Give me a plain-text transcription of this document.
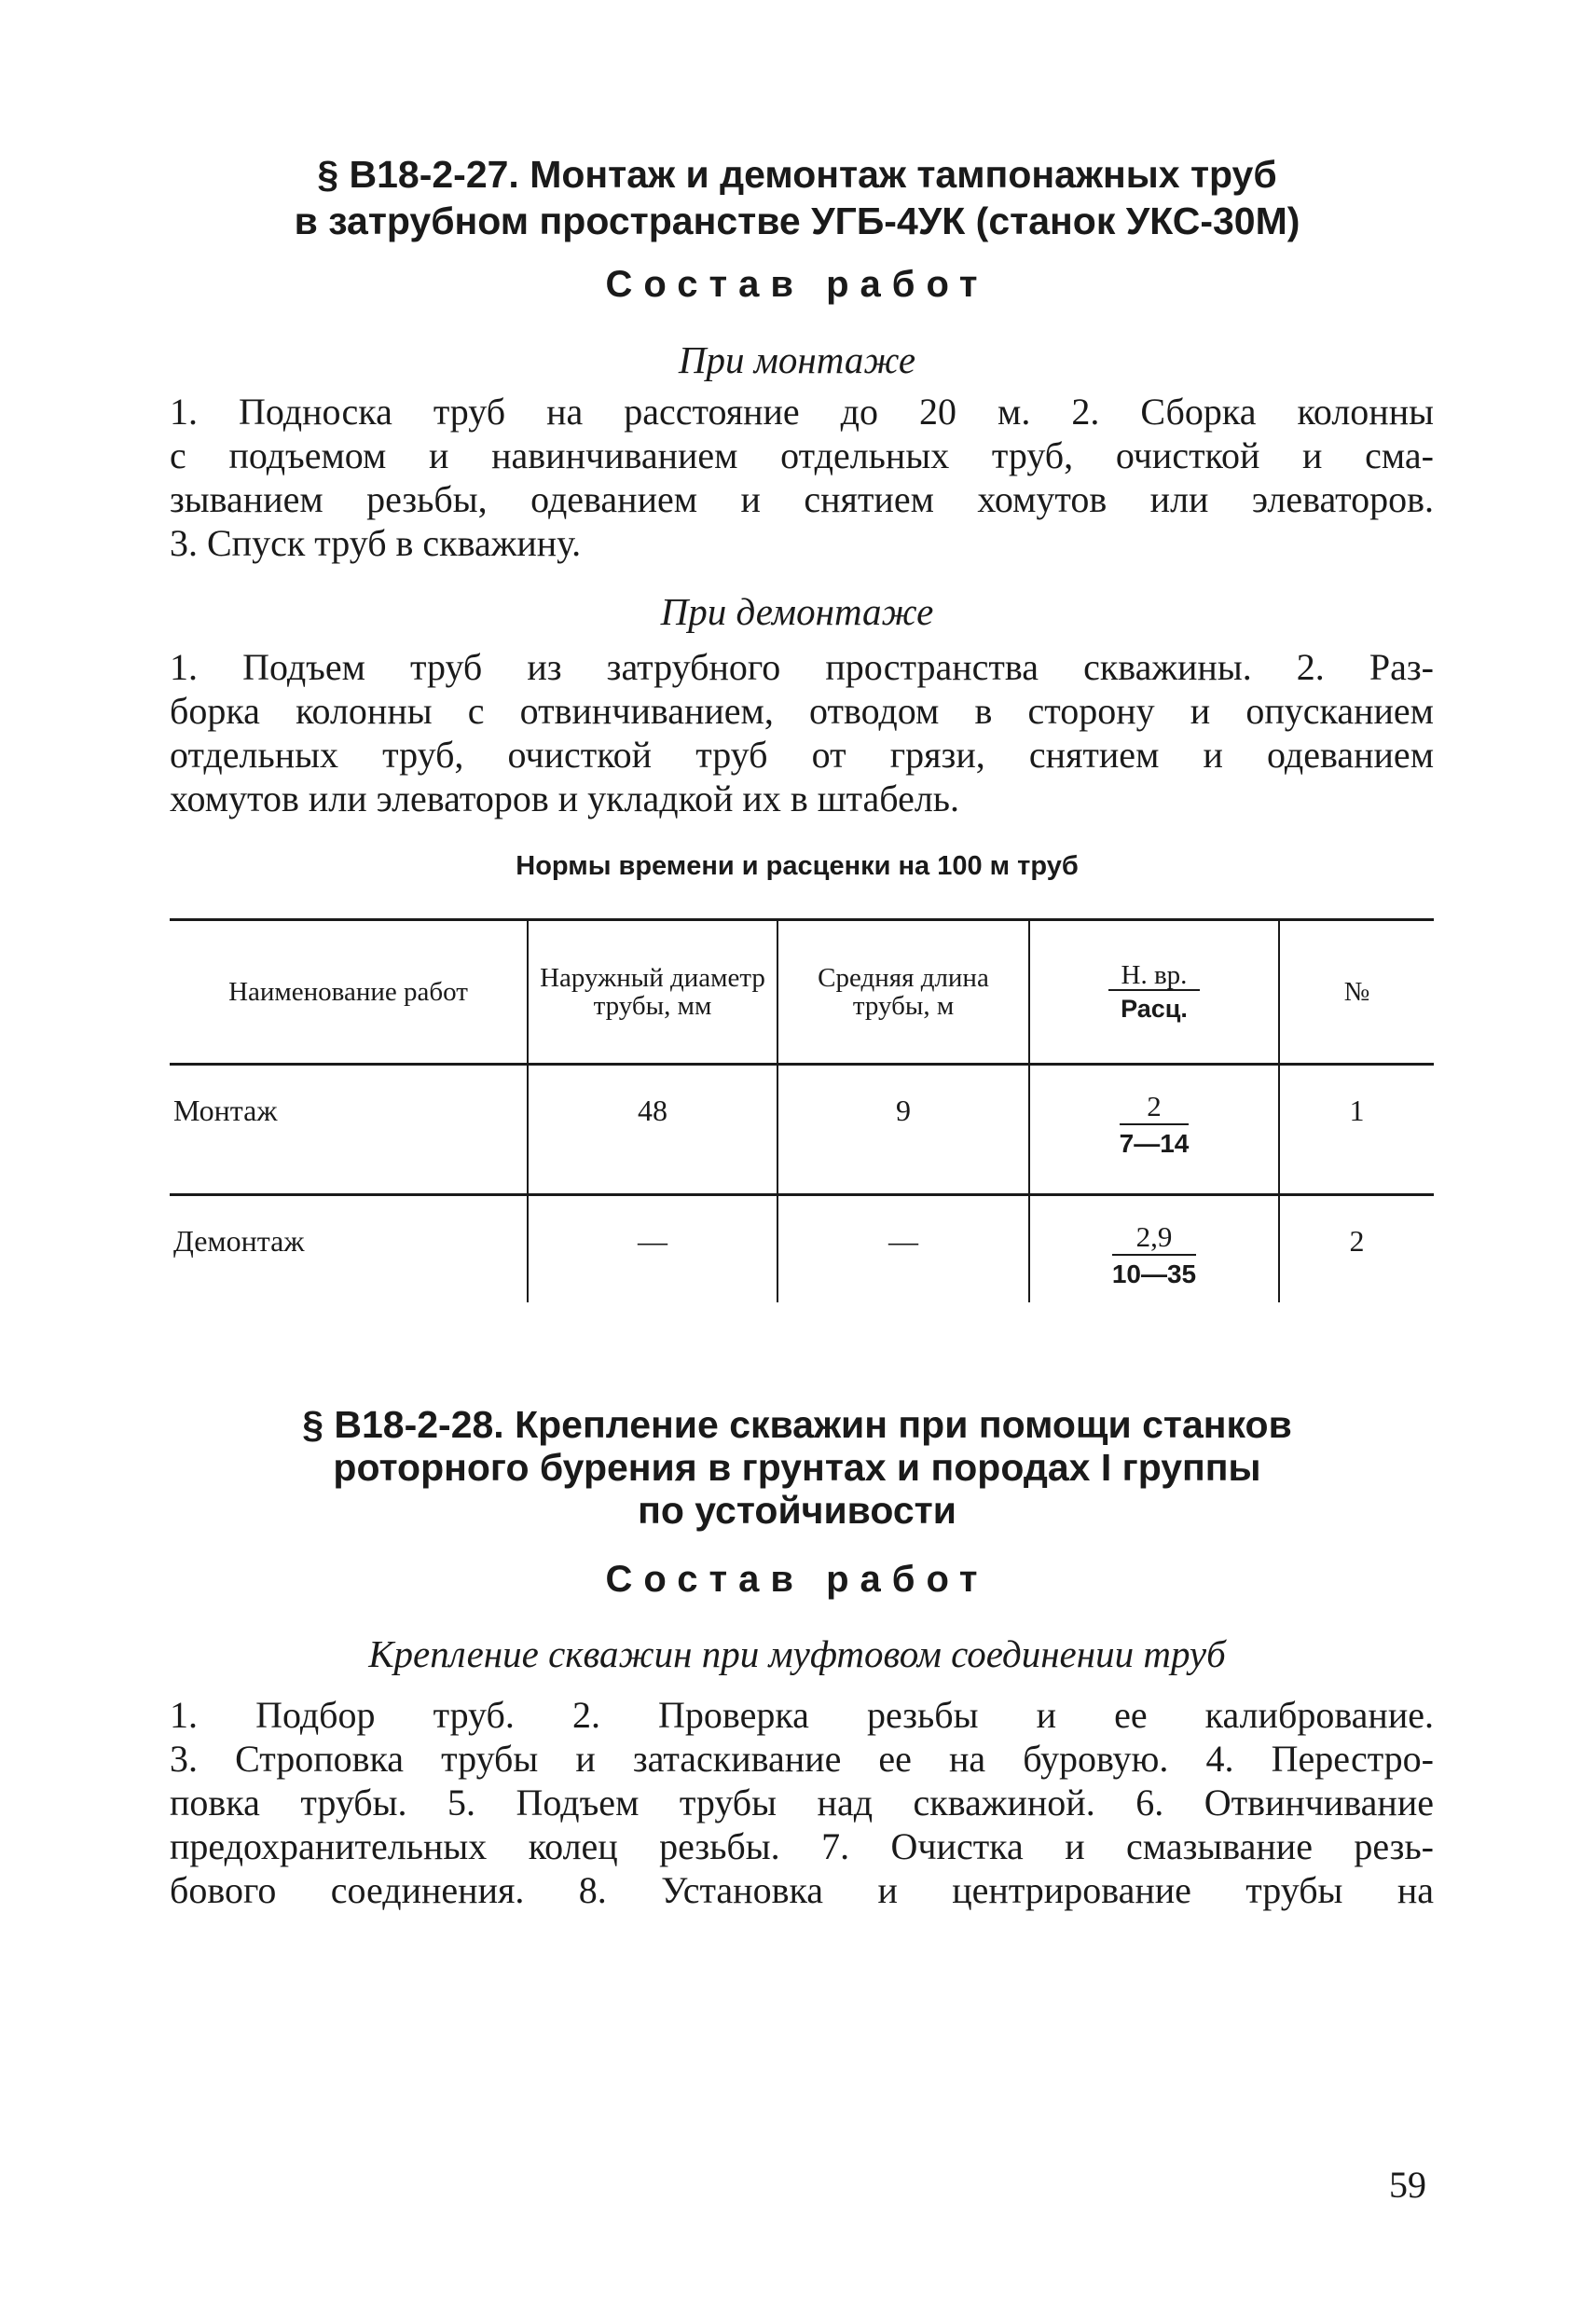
§ В18-2-27. Монтаж и демонтаж тампонажных труб
в затрубном пространстве УГБ-4УК (станок УКС-30М)
Состав работ
При монтаже
1. Подноска труб на расстояние до 20 м. 2. Сборка колонны
с подъемом и навинчиванием отдельных труб, очисткой и сма-
зыванием резьбы, одеванием и снятием хомутов или элеваторов.
3. Спуск труб в скважину.
При демонтаже
1. Подъем труб из затрубного пространства скважины. 2. Раз-
борка колонны с отвинчиванием, отводом в сторону и опусканием
отдельных труб, очисткой труб от грязи, снятием и одеванием
хомутов или элеваторов и укладкой их в штабель.
Нормы времени и расценки на 100 м труб
Наименование работ	Наружный диаметр трубы, мм	Средняя длина трубы, м	$\frac{Н. вр.}{\text{Расц.}}$	№
Монтаж	48	9	$\frac{2}{7—14}$	1
Демонтаж	—	—	$\frac{2,9}{10—35}$	2
§ В18-2-28. Крепление скважин при помощи станков
роторного бурения в грунтах и породах I группы
по устойчивости
Состав работ
Крепление скважин при муфтовом соединении труб
1. Подбор труб. 2. Проверка резьбы и ее калибрование.
3. Строповка трубы и затаскивание ее на буровую. 4. Перестро-
повка трубы. 5. Подъем трубы над скважиной. 6. Отвинчивание
предохранительных колец резьбы. 7. Очистка и смазывание резь-
бового соединения. 8. Установка и центрирование трубы на
59
